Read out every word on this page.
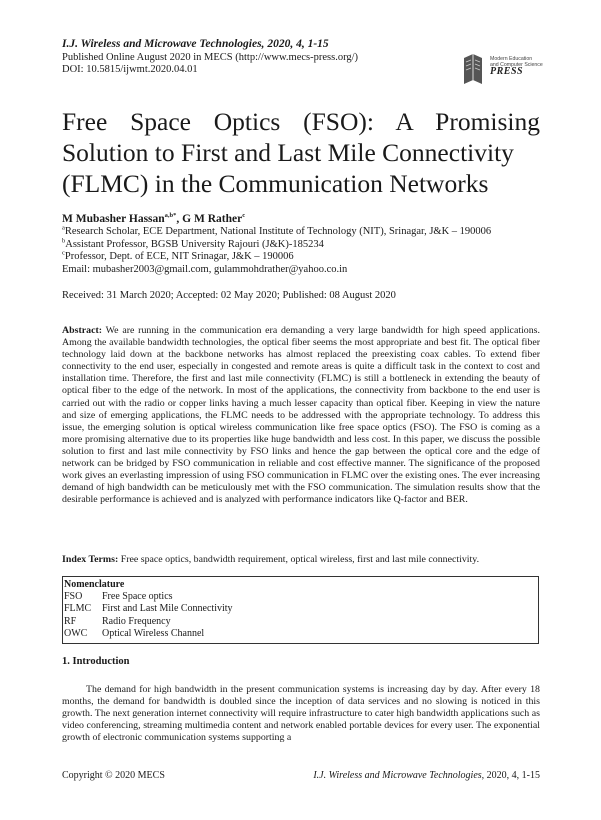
I.J. Wireless and Microwave Technologies, 2020, 4, 1-15
Published Online August 2020 in MECS (http://www.mecs-press.org/)
DOI: 10.5815/ijwmt.2020.04.01
Modern Education
and Computer Science
PRESS
Free Space Optics (FSO): A Promising
Solution to First and Last Mile Connectivity
(FLMC) in the Communication Networks
M Mubasher Hassan$^{a,b*}$, G M Rather$^c$
$^a$Research Scholar, ECE Department, National Institute of Technology (NIT), Srinagar, J&K – 190006
$^b$Assistant Professor, BGSB University Rajouri (J&K)-185234
$^c$Professor, Dept. of ECE, NIT Srinagar, J&K – 190006
Email: mubasher2003@gmail.com, gulammohdrather@yahoo.co.in
Received: 31 March 2020; Accepted: 02 May 2020; Published: 08 August 2020
Abstract: We are running in the communication era demanding a very large bandwidth for high speed applications. Among the available bandwidth technologies, the optical fiber seems the most appropriate and best fit. The optical fiber technology laid down at the backbone networks has almost replaced the preexisting coax cables. To extend fiber connectivity to the end user, especially in congested and remote areas is quite a difficult task in the context to cost and installation time. Therefore, the first and last mile connectivity (FLMC) is still a bottleneck in extending the beauty of optical fiber to the edge of the network. In most of the applications, the connectivity from backbone to the end user is carried out with the radio or copper links having a much lesser capacity than optical fiber. Keeping in view the nature and size of emerging applications, the FLMC needs to be addressed with the appropriate technology. To address this issue, the emerging solution is optical wireless communication like free space optics (FSO). The FSO is coming as a more promising alternative due to its properties like huge bandwidth and less cost. In this paper, we discuss the possible solution to first and last mile connectivity by FSO links and hence the gap between the optical core and the edge of network can be bridged by FSO communication in reliable and cost effective manner. The significance of the proposed work gives an everlasting impression of using FSO communication in FLMC over the existing ones. The ever increasing demand of high bandwidth can be meticulously met with the FSO communication. The simulation results show that the desirable performance is achieved and is analyzed with performance indicators like Q-factor and BER.
Index Terms: Free space optics, bandwidth requirement, optical wireless, first and last mile connectivity.
Nomenclature
FSO	Free Space optics
FLMC	First and Last Mile Connectivity
RF	Radio Frequency
OWC	Optical Wireless Channel
1. Introduction
The demand for high bandwidth in the present communication systems is increasing day by day. After every 18 months, the demand for bandwidth is doubled since the inception of data services and no slowing is noticed in this growth. The next generation internet connectivity will require infrastructure to cater high bandwidth applications such as video conferencing, streaming multimedia content and network enabled portable devices for every user. The exponential growth of electronic communication systems supporting a
Copyright © 2020 MECS	I.J. Wireless and Microwave Technologies, 2020, 4, 1-15
